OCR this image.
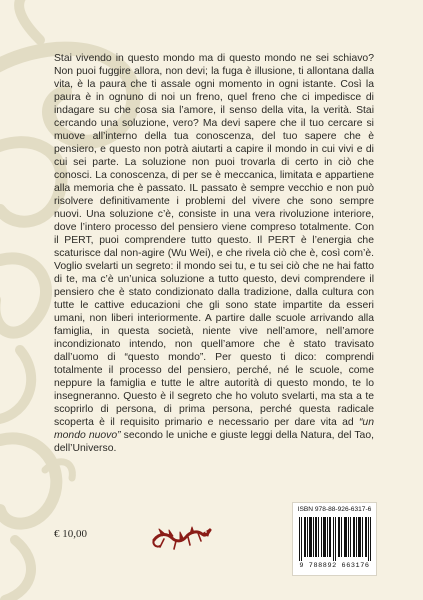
Stai vivendo in questo mondo ma di questo mondo ne sei schiavo? Non puoi fuggire allora, non devi; la fuga è illusione, ti allontana dalla vita, è la paura che ti assale ogni momento in ogni istante. Così la paura è in ognuno di noi un freno, quel freno che ci impedisce di indagare su che cosa sia l’amore, il senso della vita, la verità. Stai cercando una soluzione, vero? Ma devi sapere che il tuo cercare si muove all’interno della tua conoscenza, del tuo sapere che è pensiero, e questo non potrà aiutarti a capire il mondo in cui vivi e di cui sei parte. La soluzione non puoi trovarla di certo in ciò che conosci. La conoscenza, di per se è meccanica, limitata e appartiene alla memoria che è passato. IL passato è sempre vecchio e non può risolvere definitivamente i problemi del vivere che sono sempre nuovi. Una soluzione c’è, consiste in una vera rivoluzione interiore, dove l’intero processo del pensiero viene compreso totalmente. Con il PERT, puoi comprendere tutto questo. Il PERT è l’energia che scaturisce dal non-agire (Wu Wei), e che rivela ciò che è, così com’è. Voglio svelarti un segreto: il mondo sei tu, e tu sei ciò che ne hai fatto di te, ma c’è un’unica soluzione a tutto questo, devi comprendere il pensiero che è stato condizionato dalla tradizione, dalla cultura con tutte le cattive educazioni che gli sono state impartite da esseri umani, non liberi interiormente. A partire dalle scuole arrivando alla famiglia, in questa società, niente vive nell’amore, nell’amore incondizionato intendo, non quell’amore che è stato travisato dall’uomo di “questo mondo”. Per questo ti dico: comprendi totalmente il processo del pensiero, perché, né le scuole, come neppure la famiglia e tutte le altre autorità di questo mondo, te lo insegneranno. Questo è il segreto che ho voluto svelarti, ma sta a te scoprirlo di persona, di prima persona, perché questa radicale scoperta è il requisito primario e necessario per dare vita ad “un mondo nuovo” secondo le uniche e giuste leggi della Natura, del Tao, dell’Universo.

€ 10,00
ISBN 978-88-926-6317-6
9 788892 663176
